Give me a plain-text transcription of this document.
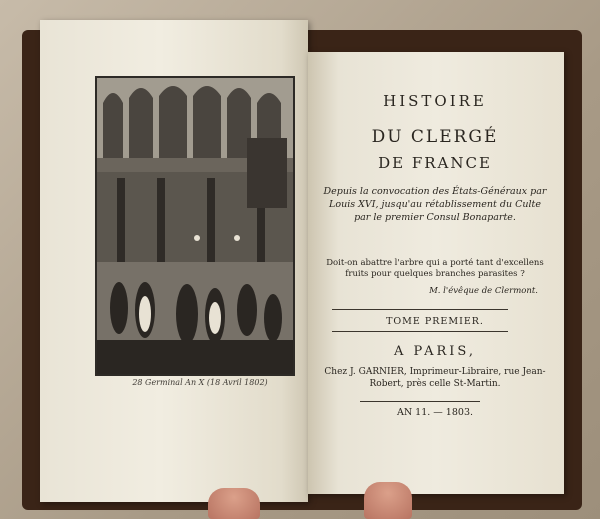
28 Germinal An X (18 Avril 1802)
HISTOIRE
DU CLERGÉ
DE FRANCE
Depuis la convocation des États-Généraux par Louis XVI, jusqu'au rétablissement du Culte par le premier Consul Bonaparte.
Doit-on abattre l'arbre qui a porté tant d'excellens fruits pour quelques branches parasites ?
M. l'évêque de Clermont.
TOME PREMIER.
A PARIS,
Chez J. GARNIER, Imprimeur-Libraire, rue Jean-Robert, près celle St-Martin.
AN 11. — 1803.
